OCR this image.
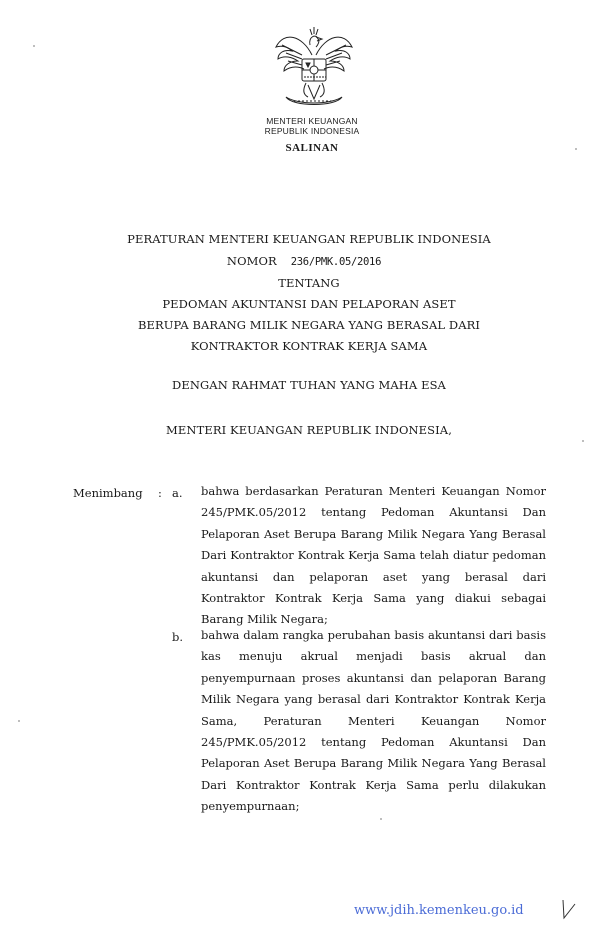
MENTERI KEUANGAN
REPUBLIK INDONESIA
SALINAN
PERATURAN MENTERI KEUANGAN REPUBLIK INDONESIA
NOMOR 236/PMK.05/2016
TENTANG
PEDOMAN AKUNTANSI DAN PELAPORAN ASET
BERUPA BARANG MILIK NEGARA YANG BERASAL DARI
KONTRAKTOR KONTRAK KERJA SAMA
DENGAN RAHMAT TUHAN YANG MAHA ESA
MENTERI KEUANGAN REPUBLIK INDONESIA,
Menimbang : a. bahwa berdasarkan Peraturan Menteri Keuangan Nomor 245/PMK.05/2012 tentang Pedoman Akuntansi Dan Pelaporan Aset Berupa Barang Milik Negara Yang Berasal Dari Kontraktor Kontrak Kerja Sama telah diatur pedoman akuntansi dan pelaporan aset yang berasal dari Kontraktor Kontrak Kerja Sama yang diakui sebagai Barang Milik Negara;

b. bahwa dalam rangka perubahan basis akuntansi dari basis kas menuju akrual menjadi basis akrual dan penyempurnaan proses akuntansi dan pelaporan Barang Milik Negara yang berasal dari Kontraktor Kontrak Kerja Sama, Peraturan Menteri Keuangan Nomor 245/PMK.05/2012 tentang Pedoman Akuntansi Dan Pelaporan Aset Berupa Barang Milik Negara Yang Berasal Dari Kontraktor Kontrak Kerja Sama perlu dilakukan penyempurnaan;

www.jdih.kemenkeu.go.id
